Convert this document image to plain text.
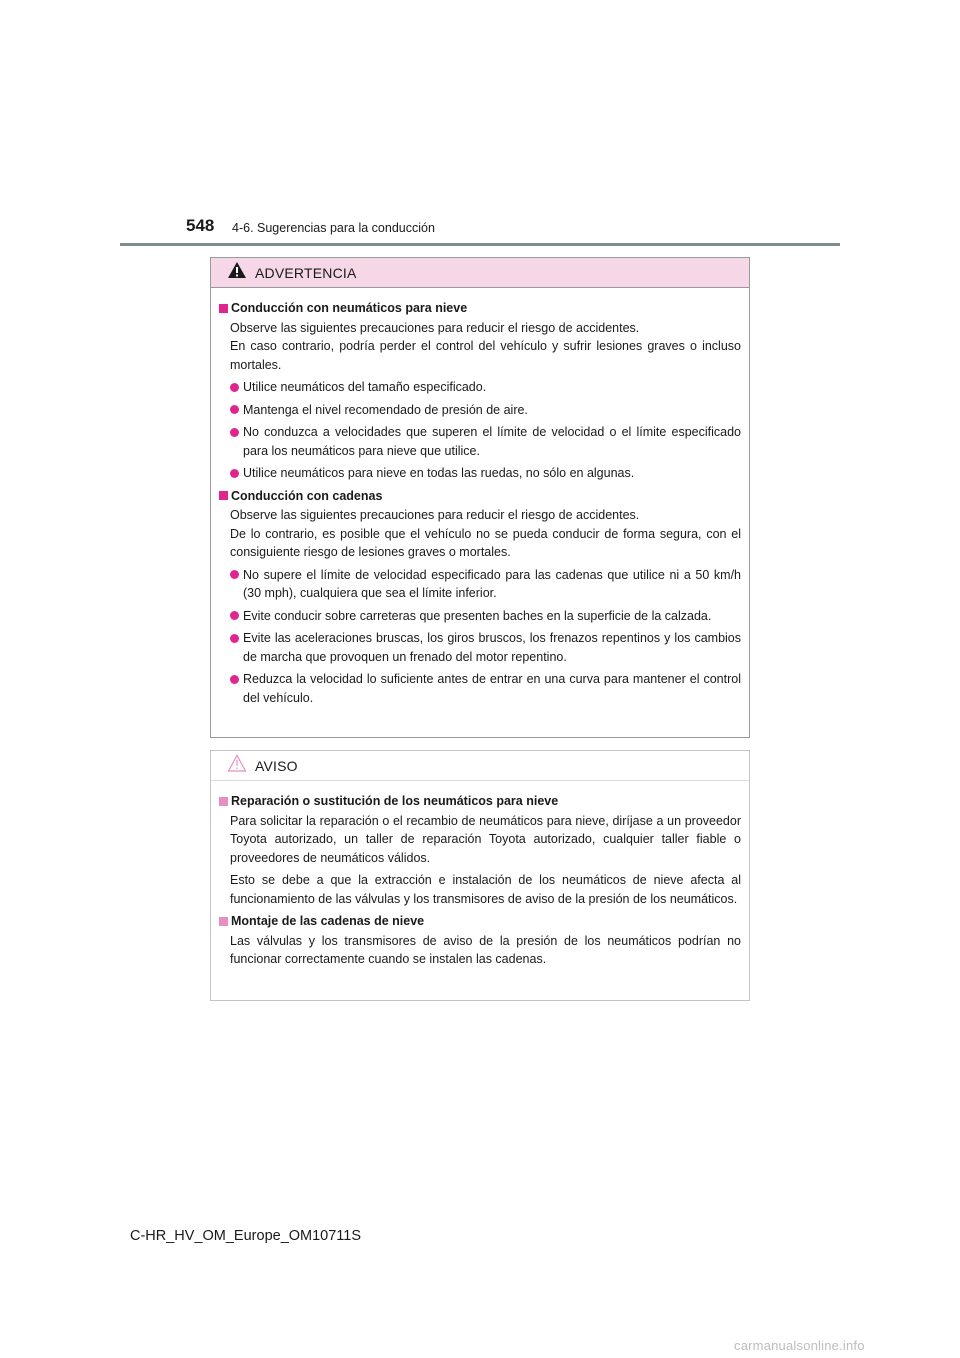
548 4-6. Sugerencias para la conducción
ADVERTENCIA
Conducción con neumáticos para nieve
Observe las siguientes precauciones para reducir el riesgo de accidentes.
En caso contrario, podría perder el control del vehículo y sufrir lesiones graves o incluso mortales.
Utilice neumáticos del tamaño especificado.
Mantenga el nivel recomendado de presión de aire.
No conduzca a velocidades que superen el límite de velocidad o el límite especificado para los neumáticos para nieve que utilice.
Utilice neumáticos para nieve en todas las ruedas, no sólo en algunas.
Conducción con cadenas
Observe las siguientes precauciones para reducir el riesgo de accidentes.
De lo contrario, es posible que el vehículo no se pueda conducir de forma segura, con el consiguiente riesgo de lesiones graves o mortales.
No supere el límite de velocidad especificado para las cadenas que utilice ni a 50 km/h (30 mph), cualquiera que sea el límite inferior.
Evite conducir sobre carreteras que presenten baches en la superficie de la calzada.
Evite las aceleraciones bruscas, los giros bruscos, los frenazos repentinos y los cambios de marcha que provoquen un frenado del motor repentino.
Reduzca la velocidad lo suficiente antes de entrar en una curva para mantener el control del vehículo.
AVISO
Reparación o sustitución de los neumáticos para nieve
Para solicitar la reparación o el recambio de neumáticos para nieve, diríjase a un proveedor Toyota autorizado, un taller de reparación Toyota autorizado, cualquier taller fiable o proveedores de neumáticos válidos.
Esto se debe a que la extracción e instalación de los neumáticos de nieve afecta al funcionamiento de las válvulas y los transmisores de aviso de la presión de los neumáticos.
Montaje de las cadenas de nieve
Las válvulas y los transmisores de aviso de la presión de los neumáticos podrían no funcionar correctamente cuando se instalen las cadenas.
C-HR_HV_OM_Europe_OM10711S
carmanualsonline.info
